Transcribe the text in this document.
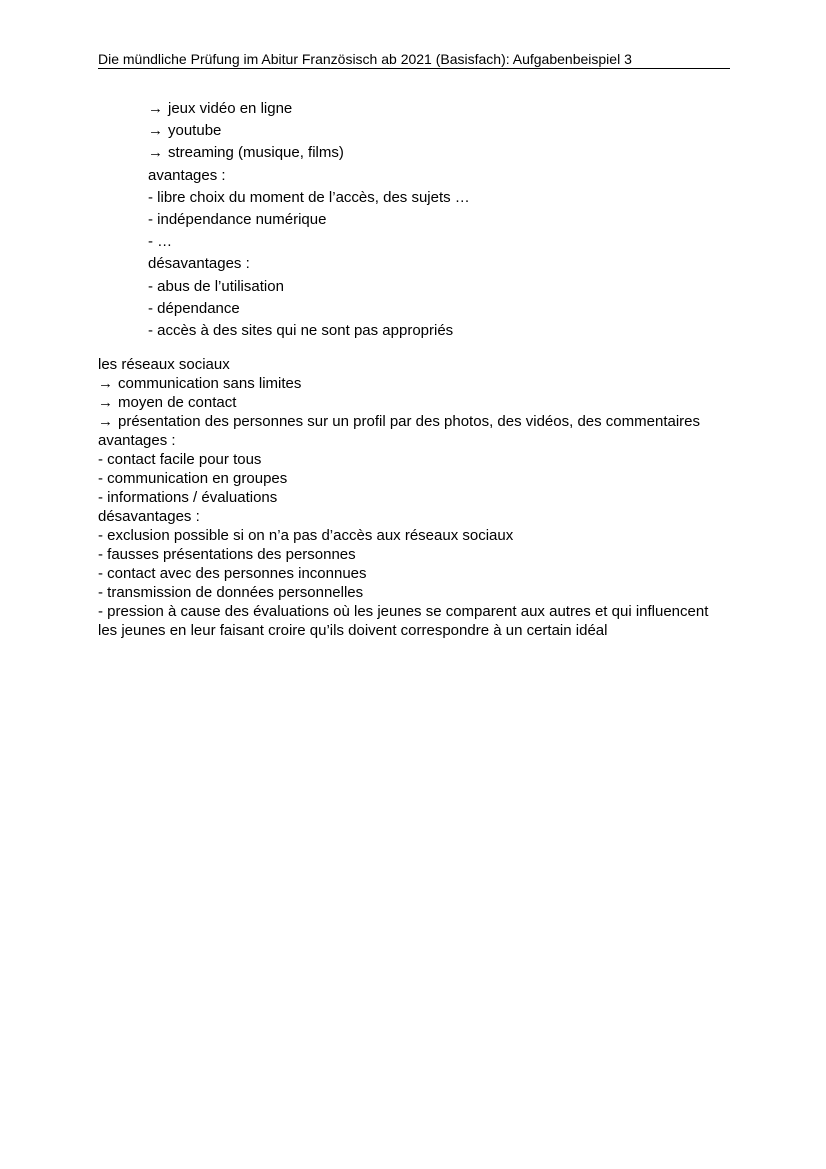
Die mündliche Prüfung im Abitur Französisch ab 2021 (Basisfach): Aufgabenbeispiel 3
→ jeux vidéo en ligne
→ youtube
→ streaming (musique, films)
avantages :
- libre choix du moment de l’accès, des sujets …
- indépendance numérique
- …
désavantages :
- abus de l’utilisation
- dépendance
- accès à des sites qui ne sont pas appropriés
les réseaux sociaux
→ communication sans limites
→ moyen de contact
→ présentation des personnes sur un profil par des photos, des vidéos, des commentaires
avantages :
- contact facile pour tous
- communication en groupes
- informations / évaluations
désavantages :
- exclusion possible si on n’a pas d’accès aux réseaux sociaux
- fausses présentations des personnes
- contact avec des personnes inconnues
- transmission de données personnelles
- pression à cause des évaluations où les jeunes se comparent aux autres et qui influencent les jeunes en leur faisant croire qu’ils doivent correspondre à un certain idéal
